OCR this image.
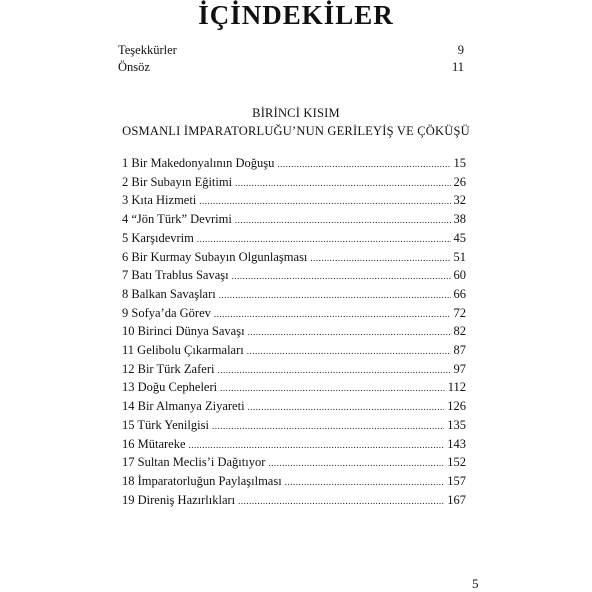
İÇİNDEKİLER
Teşekkürler	9
Önsöz	11
BİRİNCİ KISIM
OSMANLI İMPARATORLUĞU’NUN GERİLEYİŞ VE ÇÖKÜŞÜ
1 Bir Makedonyalının Doğuşu .....	15
2 Bir Subayın Eğitimi .....	26
3 Kıta Hizmeti .....	32
4 “Jön Türk” Devrimi .....	38
5 Karşıdevrim .....	45
6 Bir Kurmay Subayın Olgunlaşması .....	51
7 Batı Trablus Savaşı .....	60
8 Balkan Savaşları .....	66
9 Sofya’da Görev .....	72
10 Birinci Dünya Savaşı .....	82
11 Gelibolu Çıkarmaları .....	87
12 Bir Türk Zaferi .....	97
13 Doğu Cepheleri .....	112
14 Bir Almanya Ziyareti .....	126
15 Türk Yenilgisi .....	135
16 Mütareke .....	143
17 Sultan Meclis’i Dağıtıyor .....	152
18 İmparatorluğun Paylaşılması .....	157
19 Direniş Hazırlıkları .....	167
5
